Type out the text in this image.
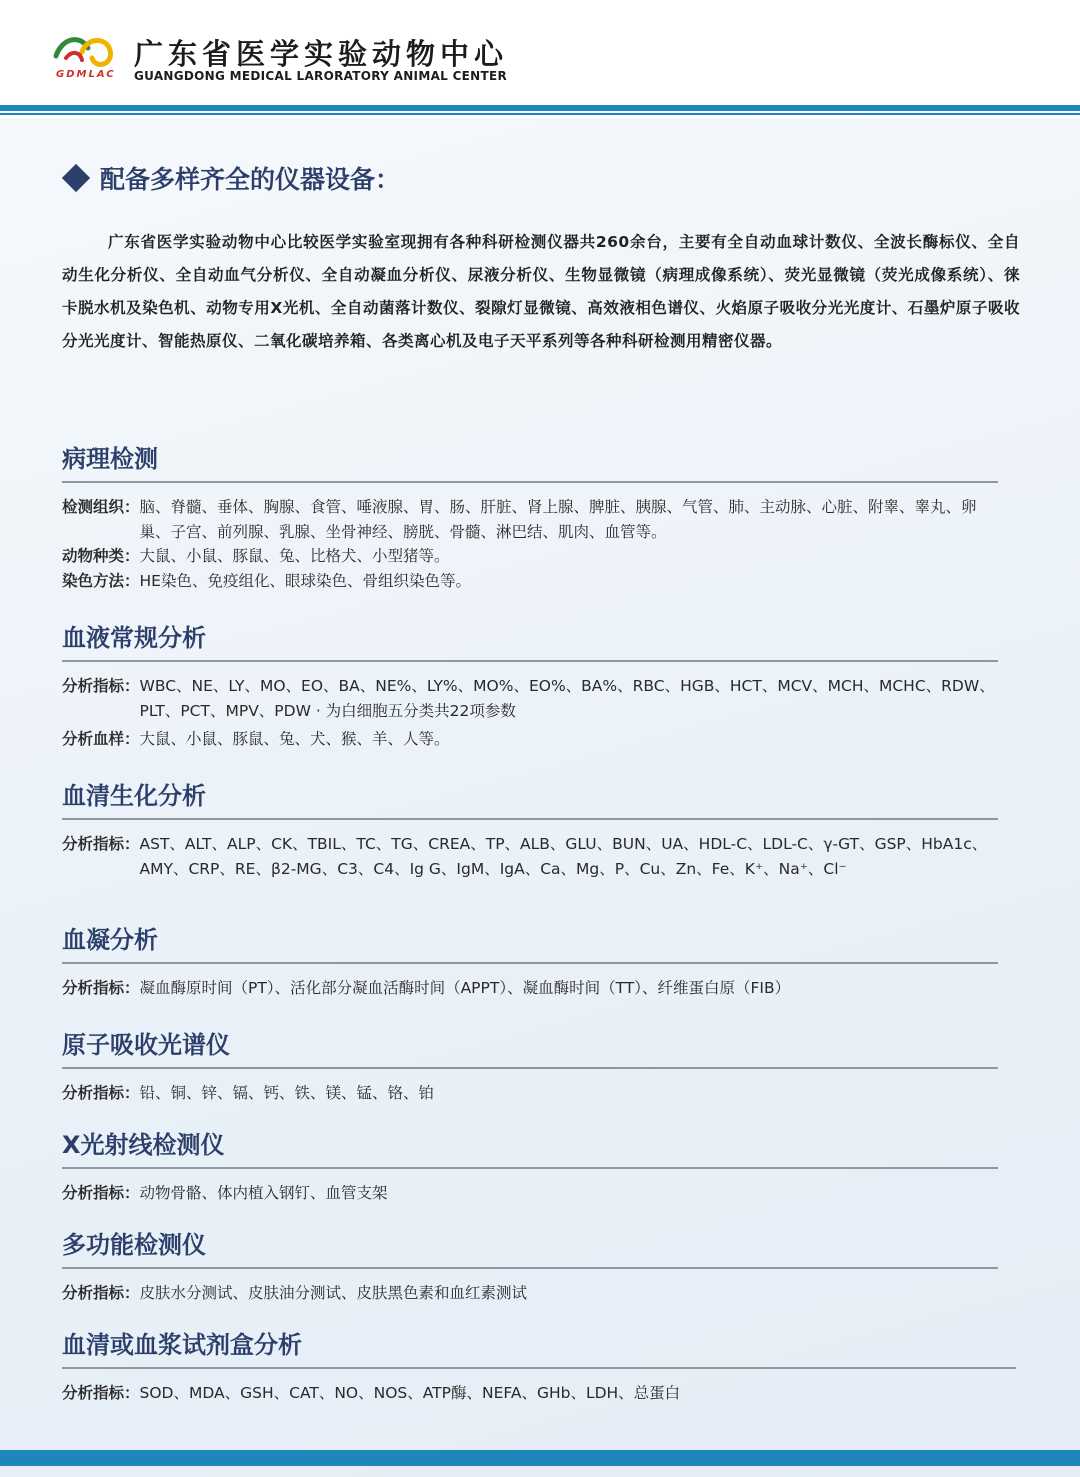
GDMLAC
广东省医学实验动物中心
GUANGDONG MEDICAL LARORATORY ANIMAL CENTER
配备多样齐全的仪器设备：
广东省医学实验动物中心比较医学实验室现拥有各种科研检测仪器共260余台，主要有全自动血球计数仪、全波长酶标仪、全自动生化分析仪、全自动血气分析仪、全自动凝血分析仪、尿液分析仪、生物显微镜（病理成像系统）、荧光显微镜（荧光成像系统）、徕卡脱水机及染色机、动物专用X光机、全自动菌落计数仪、裂隙灯显微镜、高效液相色谱仪、火焰原子吸收分光光度计、石墨炉原子吸收分光光度计、智能热原仪、二氧化碳培养箱、各类离心机及电子天平系列等各种科研检测用精密仪器。
病理检测
检测组织： 脑、脊髓、垂体、胸腺、食管、唾液腺、胃、肠、肝脏、肾上腺、脾脏、胰腺、气管、肺、主动脉、心脏、附睾、睾丸、卵巢、子宫、前列腺、乳腺、坐骨神经、膀胱、骨髓、淋巴结、肌肉、血管等。
动物种类： 大鼠、小鼠、豚鼠、兔、比格犬、小型猪等。
染色方法： HE染色、免疫组化、眼球染色、骨组织染色等。
血液常规分析
分析指标： WBC、NE、LY、MO、EO、BA、NE%、LY%、MO%、EO%、BA%、RBC、HGB、HCT、MCV、MCH、MCHC、RDW、PLT、PCT、MPV、PDW · 为白细胞五分类共22项参数
分析血样： 大鼠、小鼠、豚鼠、兔、犬、猴、羊、人等。
血清生化分析
分析指标： AST、ALT、ALP、CK、TBIL、TC、TG、CREA、TP、ALB、GLU、BUN、UA、HDL-C、LDL-C、γ-GT、GSP、HbA1c、AMY、CRP、RE、β2-MG、C3、C4、Ig G、IgM、IgA、Ca、Mg、P、Cu、Zn、Fe、K⁺、Na⁺、Cl⁻
血凝分析
分析指标： 凝血酶原时间（PT）、活化部分凝血活酶时间（APPT）、凝血酶时间（TT）、纤维蛋白原（FIB）
原子吸收光谱仪
分析指标： 铅、铜、锌、镉、钙、铁、镁、锰、铬、铂
X光射线检测仪
分析指标： 动物骨骼、体内植入钢钉、血管支架
多功能检测仪
分析指标： 皮肤水分测试、皮肤油分测试、皮肤黑色素和血红素测试
血清或血浆试剂盒分析
分析指标： SOD、MDA、GSH、CAT、NO、NOS、ATP酶、NEFA、GHb、LDH、总蛋白
